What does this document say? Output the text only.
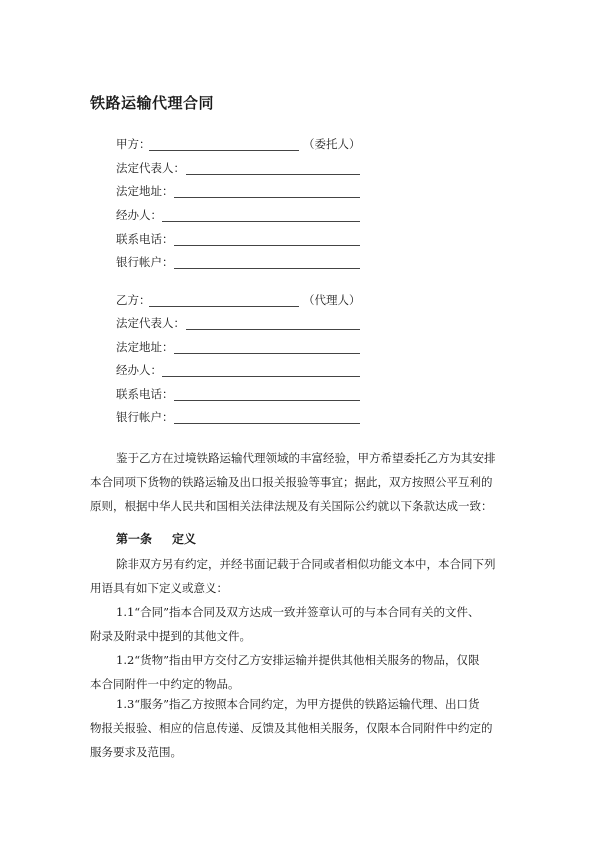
铁路运输代理合同
甲方：	（委托人）
法定代表人：
法定地址：
经办人：
联系电话：
银行帐户：
乙方：	（代理人）
法定代表人：
法定地址：
经办人：
联系电话：
银行帐户：
鉴于乙方在过境铁路运输代理领域的丰富经验，甲方希望委托乙方为其安排
本合同项下货物的铁路运输及出口报关报验等事宜；据此，双方按照公平互利的
原则，根据中华人民共和国相关法律法规及有关国际公约就以下条款达成一致：
第一条 定义
除非双方另有约定，并经书面记载于合同或者相似功能文本中，本合同下列
用语具有如下定义或意义：
1.1“合同”指本合同及双方达成一致并签章认可的与本合同有关的文件、
附录及附录中提到的其他文件。
1.2“货物”指由甲方交付乙方安排运输并提供其他相关服务的物品，仅限
本合同附件一中约定的物品。
1.3“服务”指乙方按照本合同约定，为甲方提供的铁路运输代理、出口货
物报关报验、相应的信息传递、反馈及其他相关服务，仅限本合同附件中约定的
服务要求及范围。
